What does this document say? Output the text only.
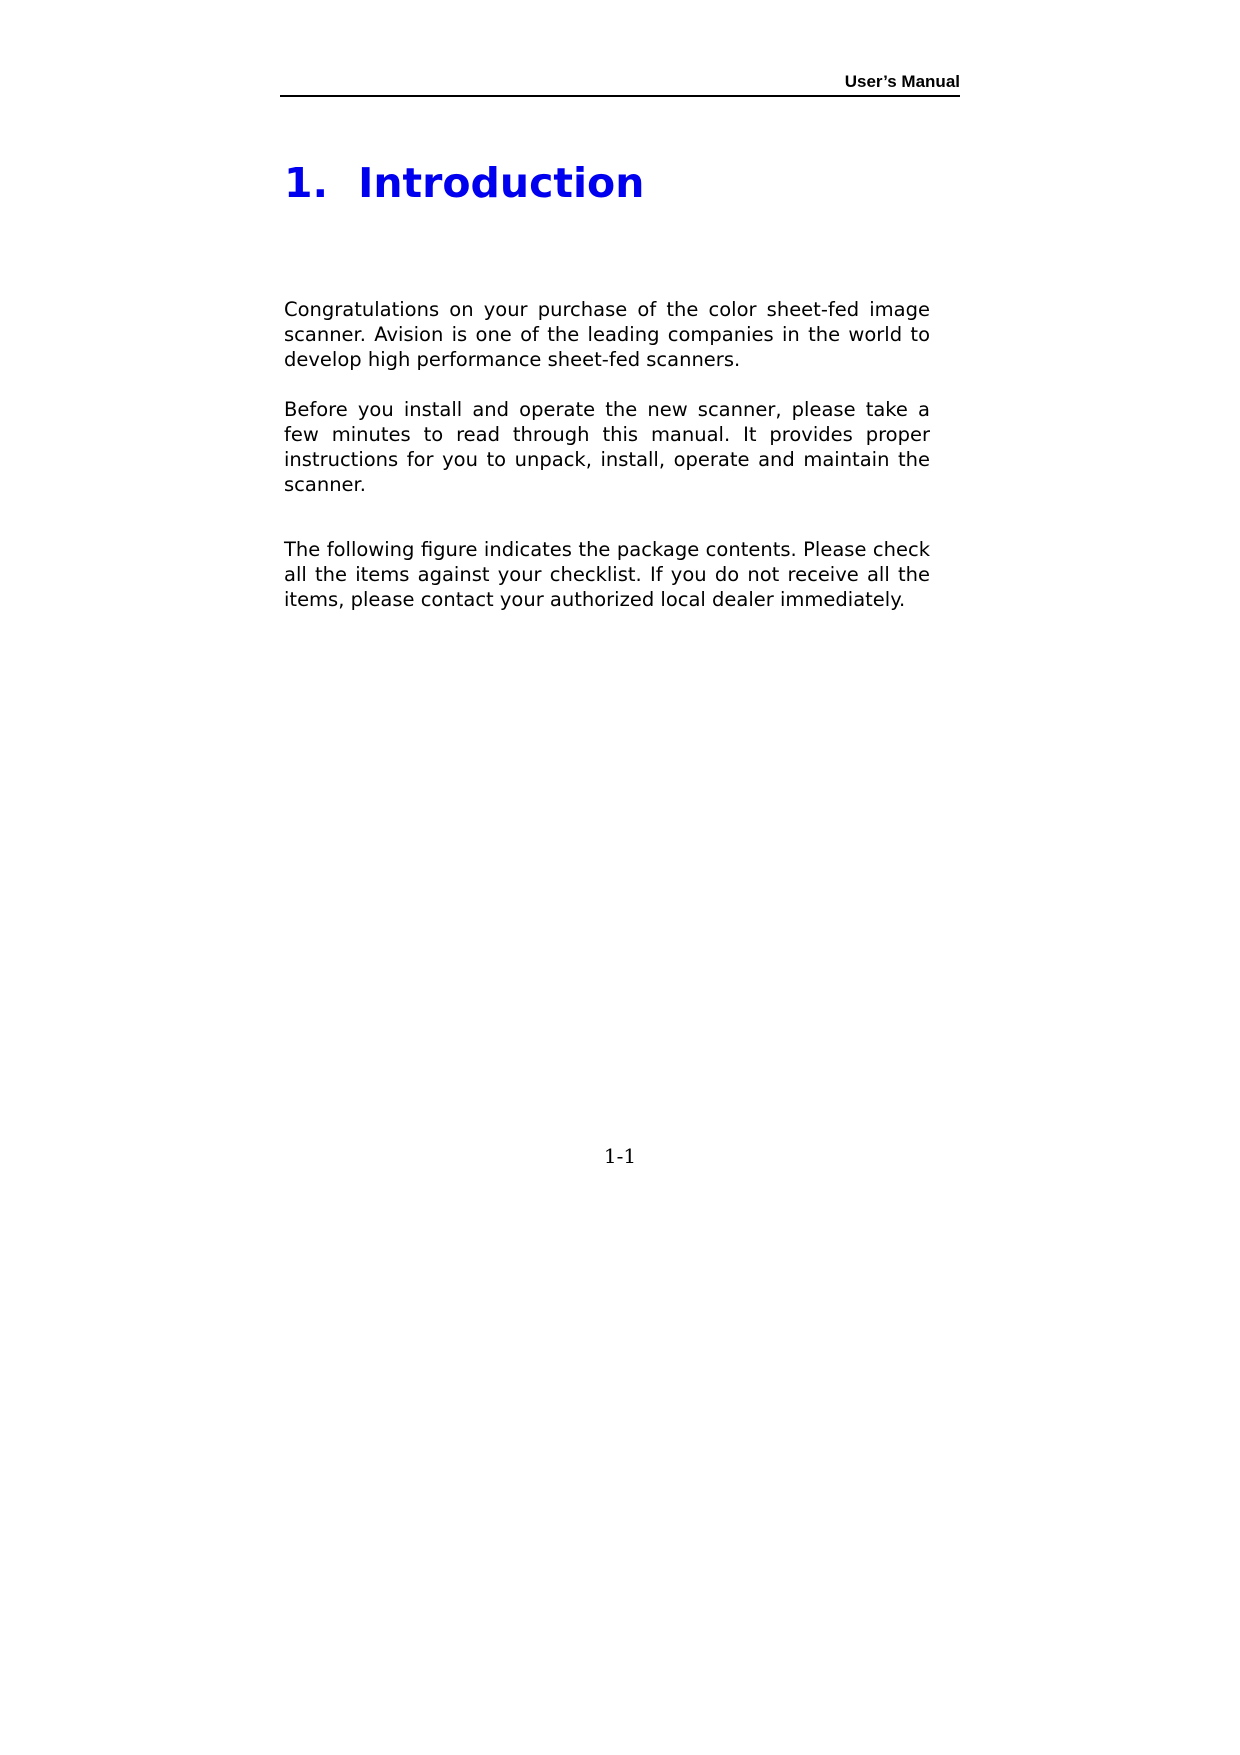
User’s Manual
1. Introduction

Congratulations on your purchase of the color sheet-fed image scanner. Avision is one of the leading companies in the world to develop high performance sheet-fed scanners.

Before you install and operate the new scanner, please take a few minutes to read through this manual. It provides proper instructions for you to unpack, install, operate and maintain the scanner.

The following figure indicates the package contents. Please check all the items against your checklist. If you do not receive all the items, please contact your authorized local dealer immediately.

1-1
